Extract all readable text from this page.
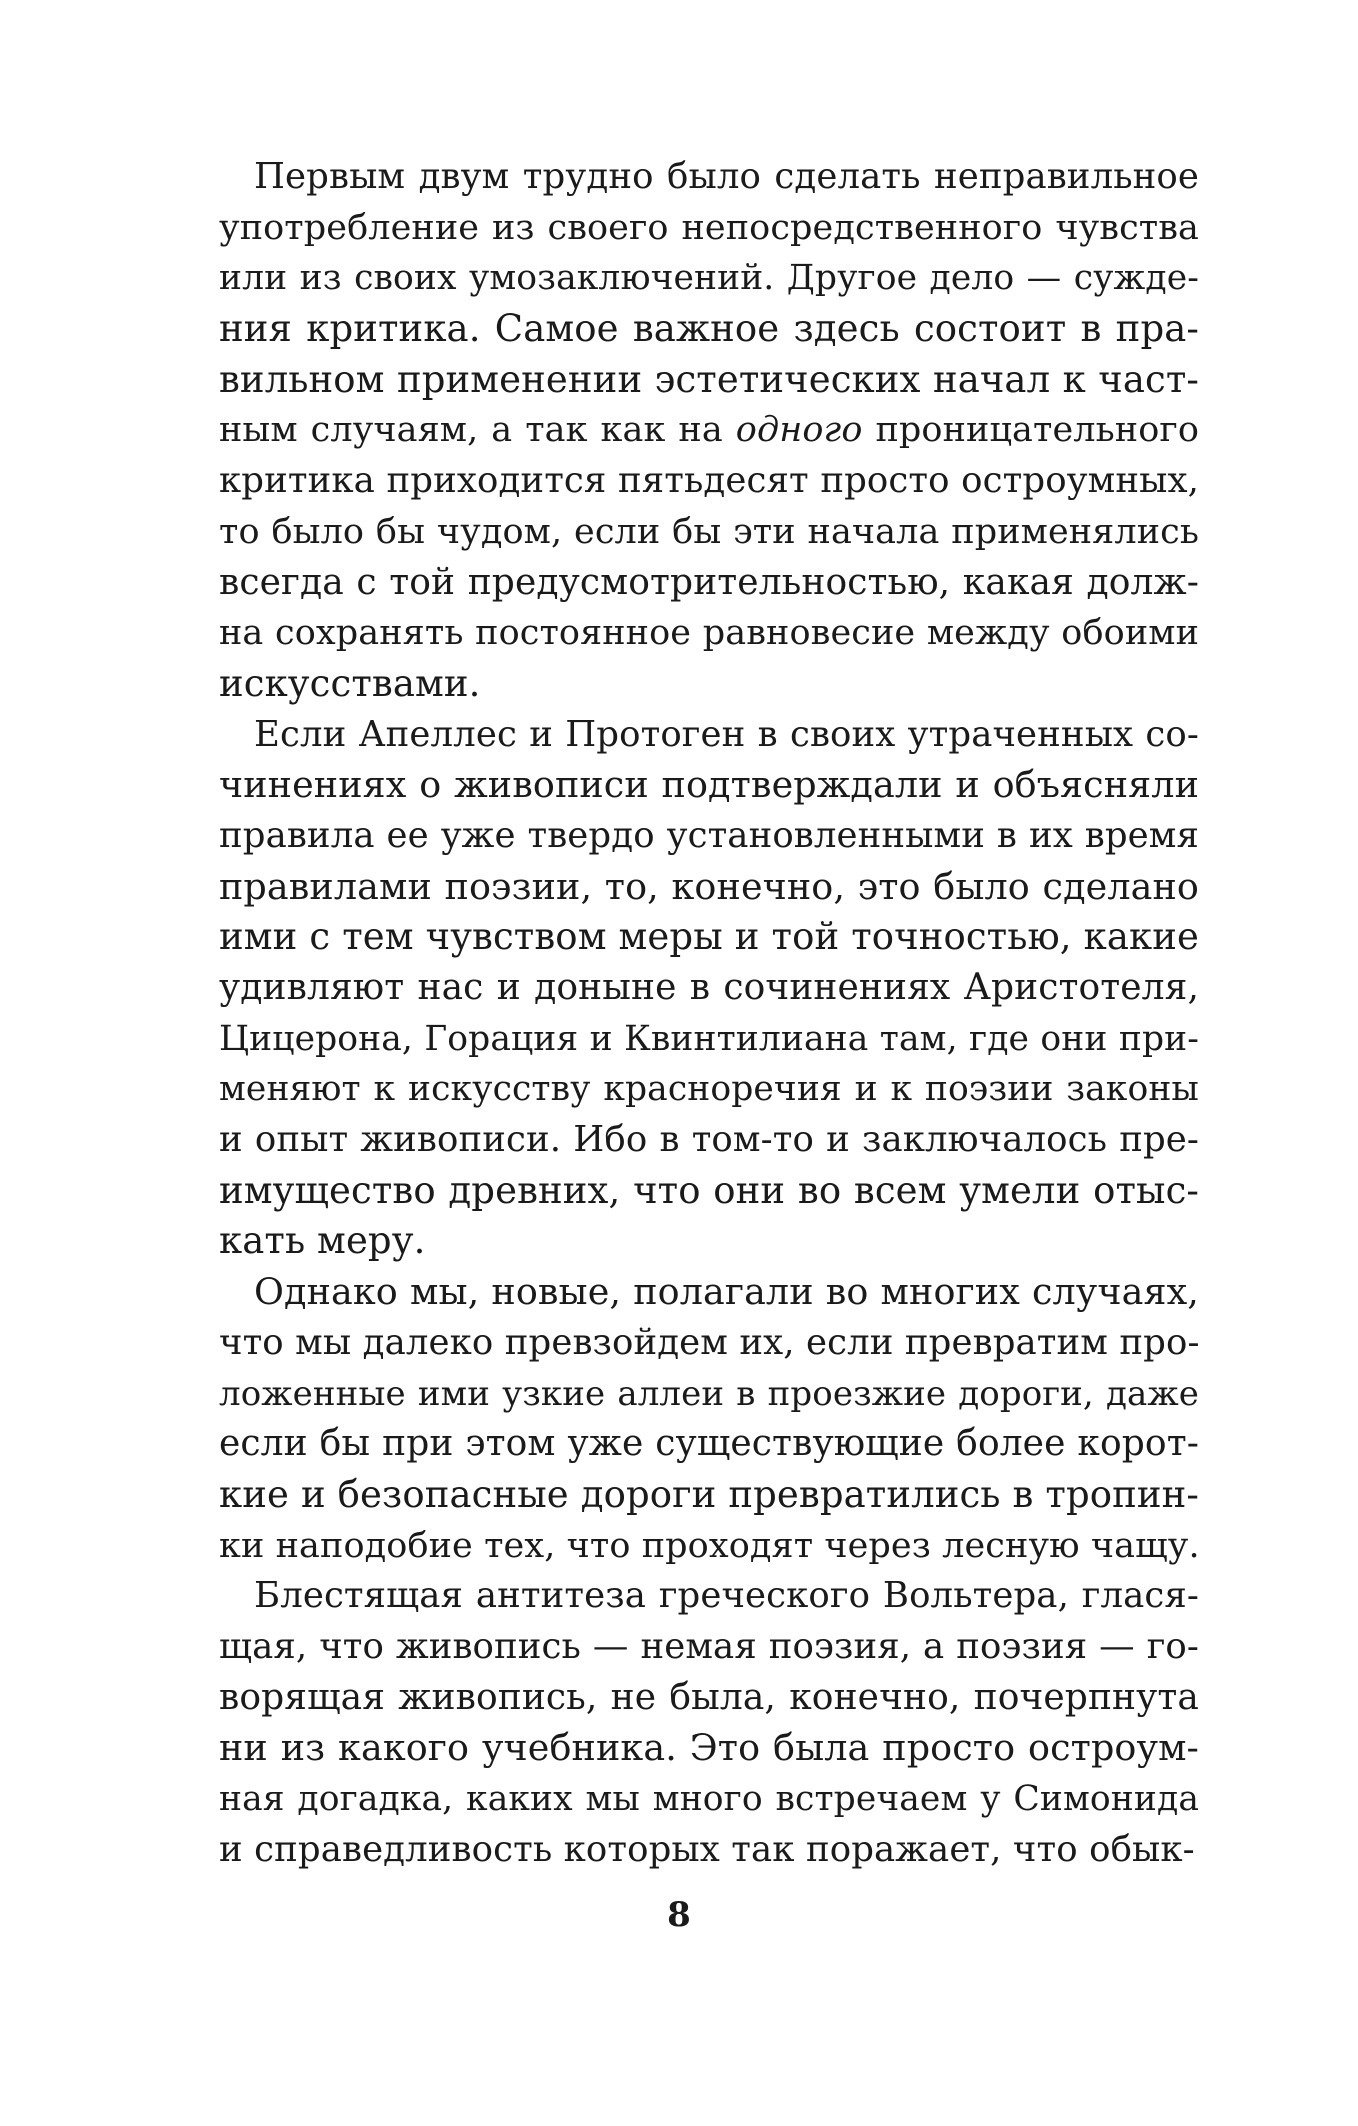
Первым двум трудно было сделать неправильное
употребление из своего непосредственного чувства
или из своих умозаключений. Другое дело — сужде-
ния критика. Самое важное здесь состоит в пра-
вильном применении эстетических начал к част-
ным случаям, а так как на одного проницательного
критика приходится пятьдесят просто остроумных,
то было бы чудом, если бы эти начала применялись
всегда с той предусмотрительностью, какая долж-
на сохранять постоянное равновесие между обоими
искусствами.
Если Апеллес и Протоген в своих утраченных со-
чинениях о живописи подтверждали и объясняли
правила ее уже твердо установленными в их время
правилами поэзии, то, конечно, это было сделано
ими с тем чувством меры и той точностью, какие
удивляют нас и доныне в сочинениях Аристотеля,
Цицерона, Горация и Квинтилиана там, где они при-
меняют к искусству красноречия и к поэзии законы
и опыт живописи. Ибо в том-то и заключалось пре-
имущество древних, что они во всем умели отыс-
кать меру.
Однако мы, новые, полагали во многих случаях,
что мы далеко превзойдем их, если превратим про-
ложенные ими узкие аллеи в проезжие дороги, даже
если бы при этом уже существующие более корот-
кие и безопасные дороги превратились в тропин-
ки наподобие тех, что проходят через лесную чащу.
Блестящая антитеза греческого Вольтера, глася-
щая, что живопись — немая поэзия, а поэзия — го-
ворящая живопись, не была, конечно, почерпнута
ни из какого учебника. Это была просто остроум-
ная догадка, каких мы много встречаем у Симонида
и справедливость которых так поражает, что обык-
8
